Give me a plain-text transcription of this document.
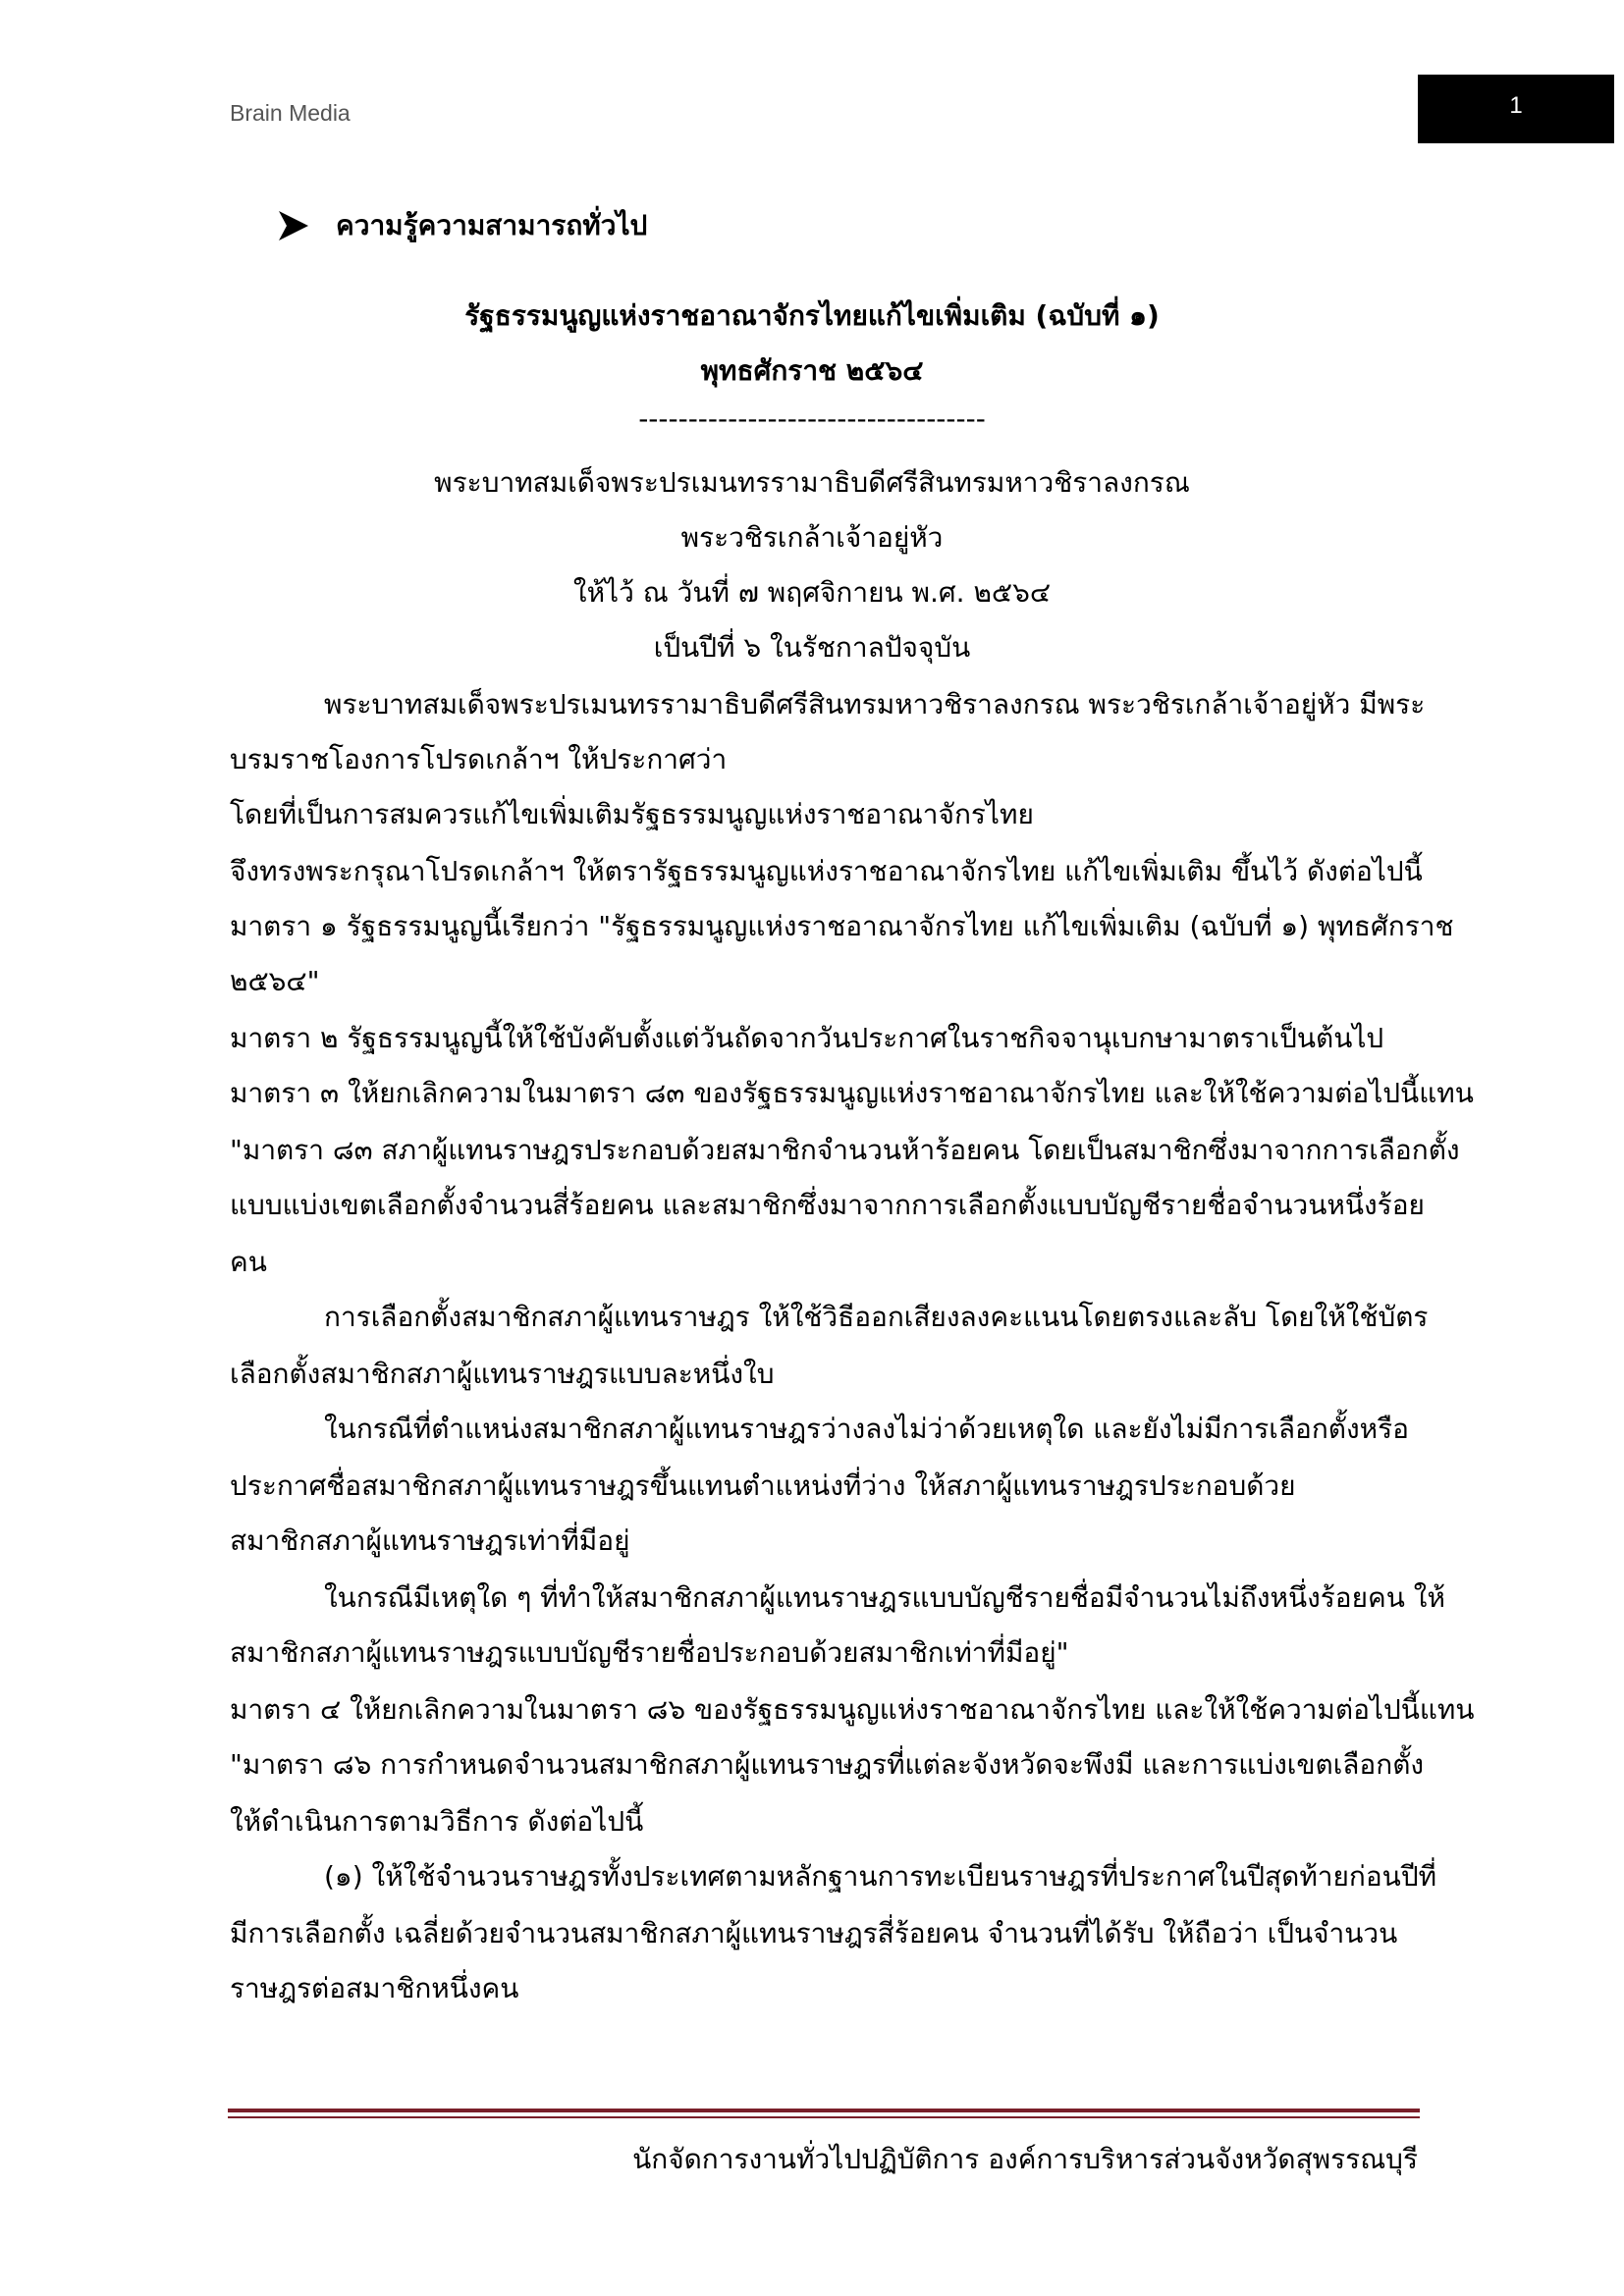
Brain Media	1
ความรู้ความสามารถทั่วไป
รัฐธรรมนูญแห่งราชอาณาจักรไทยแก้ไขเพิ่มเติม (ฉบับที่ ๑)
พุทธศักราช ๒๕๖๔
-----------------------------------
พระบาทสมเด็จพระปรเมนทรรามาธิบดีศรีสินทรมหาวชิราลงกรณ
พระวชิรเกล้าเจ้าอยู่หัว
ให้ไว้ ณ วันที่ ๗ พฤศจิกายน พ.ศ. ๒๕๖๔
เป็นปีที่ ๖ ในรัชกาลปัจจุบัน
พระบาทสมเด็จพระปรเมนทรรามาธิบดีศรีสินทรมหาวชิราลงกรณ พระวชิรเกล้าเจ้าอยู่หัว มีพระ
บรมราชโองการโปรดเกล้าฯ ให้ประกาศว่า
โดยที่เป็นการสมควรแก้ไขเพิ่มเติมรัฐธรรมนูญแห่งราชอาณาจักรไทย
จึงทรงพระกรุณาโปรดเกล้าฯ ให้ตรารัฐธรรมนูญแห่งราชอาณาจักรไทย แก้ไขเพิ่มเติม ขึ้นไว้ ดังต่อไปนี้
มาตรา ๑ รัฐธรรมนูญนี้เรียกว่า "รัฐธรรมนูญแห่งราชอาณาจักรไทย แก้ไขเพิ่มเติม (ฉบับที่ ๑) พุทธศักราช
๒๕๖๔"
มาตรา ๒ รัฐธรรมนูญนี้ให้ใช้บังคับตั้งแต่วันถัดจากวันประกาศในราชกิจจานุเบกษามาตราเป็นต้นไป
มาตรา ๓ ให้ยกเลิกความในมาตรา ๘๓ ของรัฐธรรมนูญแห่งราชอาณาจักรไทย และให้ใช้ความต่อไปนี้แทน
"มาตรา ๘๓ สภาผู้แทนราษฎรประกอบด้วยสมาชิกจำนวนห้าร้อยคน โดยเป็นสมาชิกซึ่งมาจากการเลือกตั้ง
แบบแบ่งเขตเลือกตั้งจำนวนสี่ร้อยคน และสมาชิกซึ่งมาจากการเลือกตั้งแบบบัญชีรายชื่อจำนวนหนึ่งร้อย
คน
การเลือกตั้งสมาชิกสภาผู้แทนราษฎร ให้ใช้วิธีออกเสียงลงคะแนนโดยตรงและลับ โดยให้ใช้บัตร
เลือกตั้งสมาชิกสภาผู้แทนราษฎรแบบละหนึ่งใบ
ในกรณีที่ตำแหน่งสมาชิกสภาผู้แทนราษฎรว่างลงไม่ว่าด้วยเหตุใด และยังไม่มีการเลือกตั้งหรือ
ประกาศชื่อสมาชิกสภาผู้แทนราษฎรขึ้นแทนตำแหน่งที่ว่าง ให้สภาผู้แทนราษฎรประกอบด้วย
สมาชิกสภาผู้แทนราษฎรเท่าที่มีอยู่
ในกรณีมีเหตุใด ๆ ที่ทำให้สมาชิกสภาผู้แทนราษฎรแบบบัญชีรายชื่อมีจำนวนไม่ถึงหนึ่งร้อยคน ให้
สมาชิกสภาผู้แทนราษฎรแบบบัญชีรายชื่อประกอบด้วยสมาชิกเท่าที่มีอยู่"
มาตรา ๔ ให้ยกเลิกความในมาตรา ๘๖ ของรัฐธรรมนูญแห่งราชอาณาจักรไทย และให้ใช้ความต่อไปนี้แทน
"มาตรา ๘๖ การกำหนดจำนวนสมาชิกสภาผู้แทนราษฎรที่แต่ละจังหวัดจะพึงมี และการแบ่งเขตเลือกตั้ง
ให้ดำเนินการตามวิธีการ ดังต่อไปนี้
(๑) ให้ใช้จำนวนราษฎรทั้งประเทศตามหลักฐานการทะเบียนราษฎรที่ประกาศในปีสุดท้ายก่อนปีที่
มีการเลือกตั้ง เฉลี่ยด้วยจำนวนสมาชิกสภาผู้แทนราษฎรสี่ร้อยคน จำนวนที่ได้รับ ให้ถือว่า เป็นจำนวน
ราษฎรต่อสมาชิกหนึ่งคน
นักจัดการงานทั่วไปปฏิบัติการ องค์การบริหารส่วนจังหวัดสุพรรณบุรี
